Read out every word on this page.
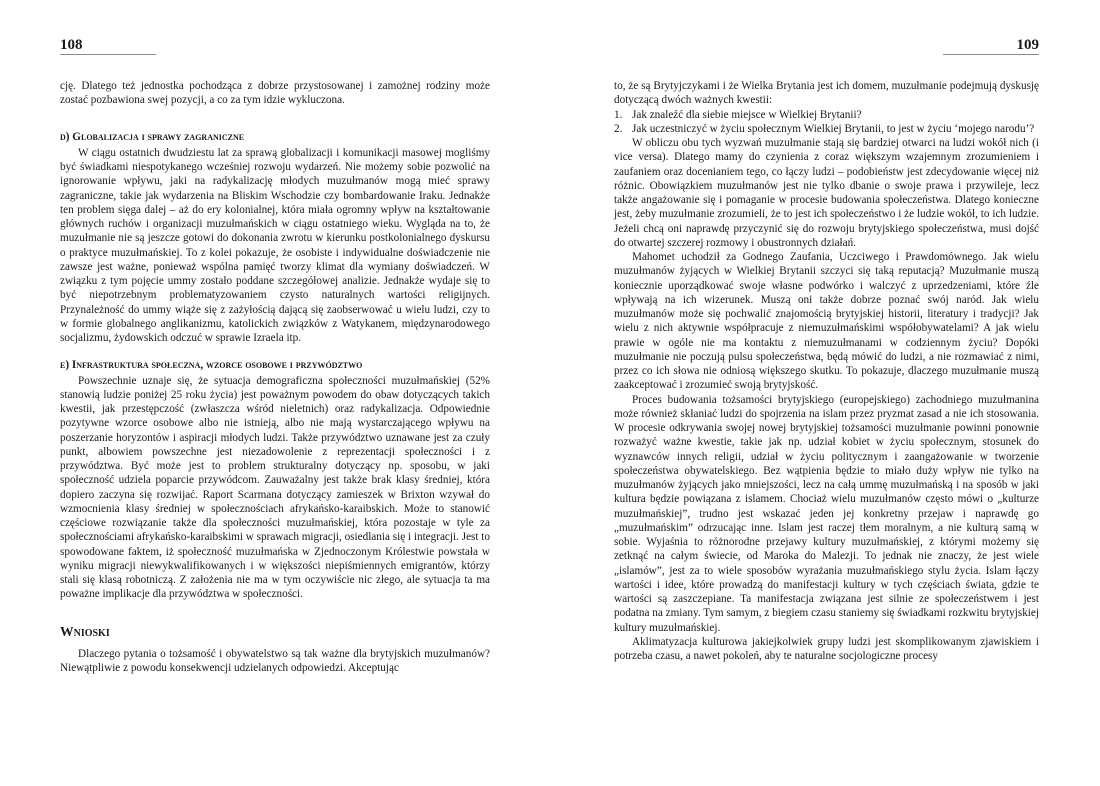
108

cję. Dlatego też jednostka pochodząca z dobrze przystosowanej i zamożnej rodziny może zostać pozbawiona swej pozycji, a co za tym idzie wykluczona.

d) Globalizacja i sprawy zagraniczne

W ciągu ostatnich dwudziestu lat za sprawą globalizacji i komunikacji masowej mogliśmy być świadkami niespotykanego wcześniej rozwoju wydarzeń. Nie możemy sobie pozwolić na ignorowanie wpływu, jaki na radykalizację młodych muzułmanów mogą mieć sprawy zagraniczne, takie jak wydarzenia na Bliskim Wschodzie czy bombardowanie Iraku. Jednakże ten problem sięga dalej – aż do ery kolonialnej, która miała ogromny wpływ na kształtowanie głównych ruchów i organizacji muzułmańskich w ciągu ostatniego wieku. Wygląda na to, że muzułmanie nie są jeszcze gotowi do dokonania zwrotu w kierunku postkolonialnego dyskursu o praktyce muzułmańskiej. To z kolei pokazuje, że osobiste i indywidualne doświadczenie nie zawsze jest ważne, ponieważ wspólna pamięć tworzy klimat dla wymiany doświadczeń. W związku z tym pojęcie ummy zostało poddane szczegółowej analizie. Jednakże wydaje się to być niepotrzebnym problematyzowaniem czysto naturalnych wartości religijnych. Przynależność do ummy wiąże się z zażyłością dającą się zaobserwować u wielu ludzi, czy to w formie globalnego anglikanizmu, katolickich związków z Watykanem, międzynarodowego socjalizmu, żydowskich odczuć w sprawie Izraela itp.

e) Infrastruktura społeczna, wzorce osobowe i przywództwo

Powszechnie uznaje się, że sytuacja demograficzna społeczności muzułmańskiej (52% stanowią ludzie poniżej 25 roku życia) jest poważnym powodem do obaw dotyczących takich kwestii, jak przestępczość (zwłaszcza wśród nieletnich) oraz radykalizacja. Odpowiednie pozytywne wzorce osobowe albo nie istnieją, albo nie mają wystarczającego wpływu na poszerzanie horyzontów i aspiracji młodych ludzi. Także przywództwo uznawane jest za czuły punkt, albowiem powszechne jest niezadowolenie z reprezentacji społeczności i z przywództwa. Być może jest to problem strukturalny dotyczący np. sposobu, w jaki społeczność udziela poparcie przywódcom. Zauważalny jest także brak klasy średniej, która dopiero zaczyna się rozwijać. Raport Scarmana dotyczący zamieszek w Brixton wzywał do wzmocnienia klasy średniej w społecznościach afrykańsko-karaibskich. Może to stanowić częściowe rozwiązanie także dla społeczności muzułmańskiej, która pozostaje w tyle za społecznościami afrykańsko-karaibskimi w sprawach migracji, osiedlania się i integracji. Jest to spowodowane faktem, iż społeczność muzułmańska w Zjednoczonym Królestwie powstała w wyniku migracji niewykwalifikowanych i w większości niepiśmiennych emigrantów, którzy stali się klasą robotniczą. Z założenia nie ma w tym oczywiście nic złego, ale sytuacja ta ma poważne implikacje dla przywództwa w społeczności.

Wnioski

Dlaczego pytania o tożsamość i obywatelstwo są tak ważne dla brytyjskich muzułmanów? Niewątpliwie z powodu konsekwencji udzielanych odpowiedzi. Akceptując

109

to, że są Brytyjczykami i że Wielka Brytania jest ich domem, muzułmanie podejmują dyskusję dotyczącą dwóch ważnych kwestii:

1. Jak znaleźć dla siebie miejsce w Wielkiej Brytanii?
2. Jak uczestniczyć w życiu społecznym Wielkiej Brytanii, to jest w życiu ‘mojego narodu’?

W obliczu obu tych wyzwań muzułmanie stają się bardziej otwarci na ludzi wokół nich (i vice versa). Dlatego mamy do czynienia z coraz większym wzajemnym zrozumieniem i zaufaniem oraz docenianiem tego, co łączy ludzi – podobieństw jest zdecydowanie więcej niż różnic. Obowiązkiem muzułmanów jest nie tylko dbanie o swoje prawa i przywileje, lecz także angażowanie się i pomaganie w procesie budowania społeczeństwa. Dlatego konieczne jest, żeby muzułmanie zrozumieli, że to jest ich społeczeństwo i że ludzie wokół, to ich ludzie. Jeżeli chcą oni naprawdę przyczynić się do rozwoju brytyjskiego społeczeństwa, musi dojść do otwartej szczerej rozmowy i obustronnych działań.

Mahomet uchodził za Godnego Zaufania, Uczciwego i Prawdomównego. Jak wielu muzułmanów żyjących w Wielkiej Brytanii szczyci się taką reputacją? Muzułmanie muszą koniecznie uporządkować swoje własne podwórko i walczyć z uprzedzeniami, które źle wpływają na ich wizerunek. Muszą oni także dobrze poznać swój naród. Jak wielu muzułmanów może się pochwalić znajomością brytyjskiej historii, literatury i tradycji? Jak wielu z nich aktywnie współpracuje z niemuzułmańskimi współobywatelami? A jak wielu prawie w ogóle nie ma kontaktu z niemuzułmanami w codziennym życiu? Dopóki muzułmanie nie poczują pulsu społeczeństwa, będą mówić do ludzi, a nie rozmawiać z nimi, przez co ich słowa nie odniosą większego skutku. To pokazuje, dlaczego muzułmanie muszą zaakceptować i zrozumieć swoją brytyjskość.

Proces budowania tożsamości brytyjskiego (europejskiego) zachodniego muzułmanina może również skłaniać ludzi do spojrzenia na islam przez pryzmat zasad a nie ich stosowania. W procesie odkrywania swojej nowej brytyjskiej tożsamości muzułmanie powinni ponownie rozważyć ważne kwestie, takie jak np. udział kobiet w życiu społecznym, stosunek do wyznawców innych religii, udział w życiu politycznym i zaangażowanie w tworzenie społeczeństwa obywatelskiego. Bez wątpienia będzie to miało duży wpływ nie tylko na muzułmanów żyjących jako mniejszości, lecz na całą ummę muzułmańską i na sposób w jaki kultura będzie powiązana z islamem. Chociaż wielu muzułmanów często mówi o „kulturze muzułmańskiej”, trudno jest wskazać jeden jej konkretny przejaw i naprawdę go „muzułmańskim” odrzucając inne. Islam jest raczej tłem moralnym, a nie kulturą samą w sobie. Wyjaśnia to różnorodne przejawy kultury muzułmańskiej, z którymi możemy się zetknąć na całym świecie, od Maroka do Malezji. To jednak nie znaczy, że jest wiele „islamów”, jest za to wiele sposobów wyrażania muzułmańskiego stylu życia. Islam łączy wartości i idee, które prowadzą do manifestacji kultury w tych częściach świata, gdzie te wartości są zaszczepiane. Ta manifestacja związana jest silnie ze społeczeństwem i jest podatna na zmiany. Tym samym, z biegiem czasu staniemy się świadkami rozkwitu brytyjskiej kultury muzułmańskiej.

Aklimatyzacja kulturowa jakiejkolwiek grupy ludzi jest skomplikowanym zjawiskiem i potrzeba czasu, a nawet pokoleń, aby te naturalne socjologiczne procesy
